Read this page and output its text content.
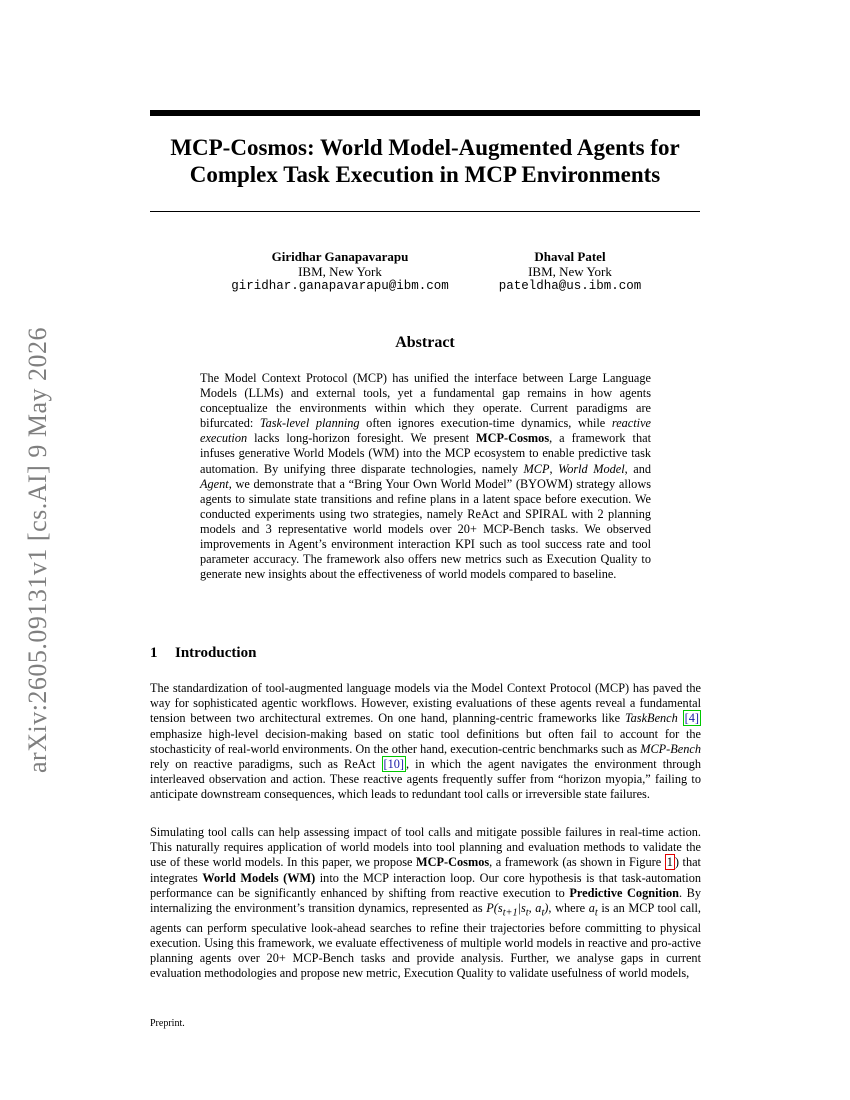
arXiv:2605.09131v1 [cs.AI] 9 May 2026
MCP-Cosmos: World Model-Augmented Agents for
Complex Task Execution in MCP Environments
Giridhar Ganapavarapu
IBM, New York
giridhar.ganapavarapu@ibm.com
Dhaval Patel
IBM, New York
pateldha@us.ibm.com
Abstract

The Model Context Protocol (MCP) has unified the interface between Large Language Models (LLMs) and external tools, yet a fundamental gap remains in how agents conceptualize the environments within which they operate. Current paradigms are bifurcated: Task-level planning often ignores execution-time dynamics, while reactive execution lacks long-horizon foresight. We present MCP-Cosmos, a framework that infuses generative World Models (WM) into the MCP ecosystem to enable predictive task automation. By unifying three disparate technologies, namely MCP, World Model, and Agent, we demonstrate that a “Bring Your Own World Model” (BYOWM) strategy allows agents to simulate state transitions and refine plans in a latent space before execution. We conducted experiments using two strategies, namely ReAct and SPIRAL with 2 planning models and 3 representative world models over 20+ MCP-Bench tasks. We observed improvements in Agent’s environment interaction KPI such as tool success rate and tool parameter accuracy. The framework also offers new metrics such as Execution Quality to generate new insights about the effectiveness of world models compared to baseline.

1 Introduction

The standardization of tool-augmented language models via the Model Context Protocol (MCP) has paved the way for sophisticated agentic workflows. However, existing evaluations of these agents reveal a fundamental tension between two architectural extremes. On one hand, planning-centric frameworks like TaskBench [4] emphasize high-level decision-making based on static tool definitions but often fail to account for the stochasticity of real-world environments. On the other hand, execution-centric benchmarks such as MCP-Bench rely on reactive paradigms, such as ReAct [10] , in which the agent navigates the environment through interleaved observation and action. These reactive agents frequently suffer from “horizon myopia,” failing to anticipate downstream consequences, which leads to redundant tool calls or irreversible state failures.

Simulating tool calls can help assessing impact of tool calls and mitigate possible failures in real-time action. This naturally requires application of world models into tool planning and evaluation methods to validate the use of these world models. In this paper, we propose MCP-Cosmos, a framework (as shown in Figure 1 ) that integrates World Models (WM) into the MCP interaction loop. Our core hypothesis is that task-automation performance can be significantly enhanced by shifting from reactive execution to Predictive Cognition. By internalizing the environment’s transition dynamics, represented as $P(s_{t+1}|s_t$, $a_t$), where $a_t$ is an MCP tool call, agents can perform speculative look-ahead searches to refine their trajectories before committing to physical execution. Using this framework, we evaluate effectiveness of multiple world models in reactive and pro-active planning agents over 20+ MCP-Bench tasks and provide analysis. Further, we analyse gaps in current evaluation methodologies and propose new metric, Execution Quality to validate usefulness of world models,

Preprint.
